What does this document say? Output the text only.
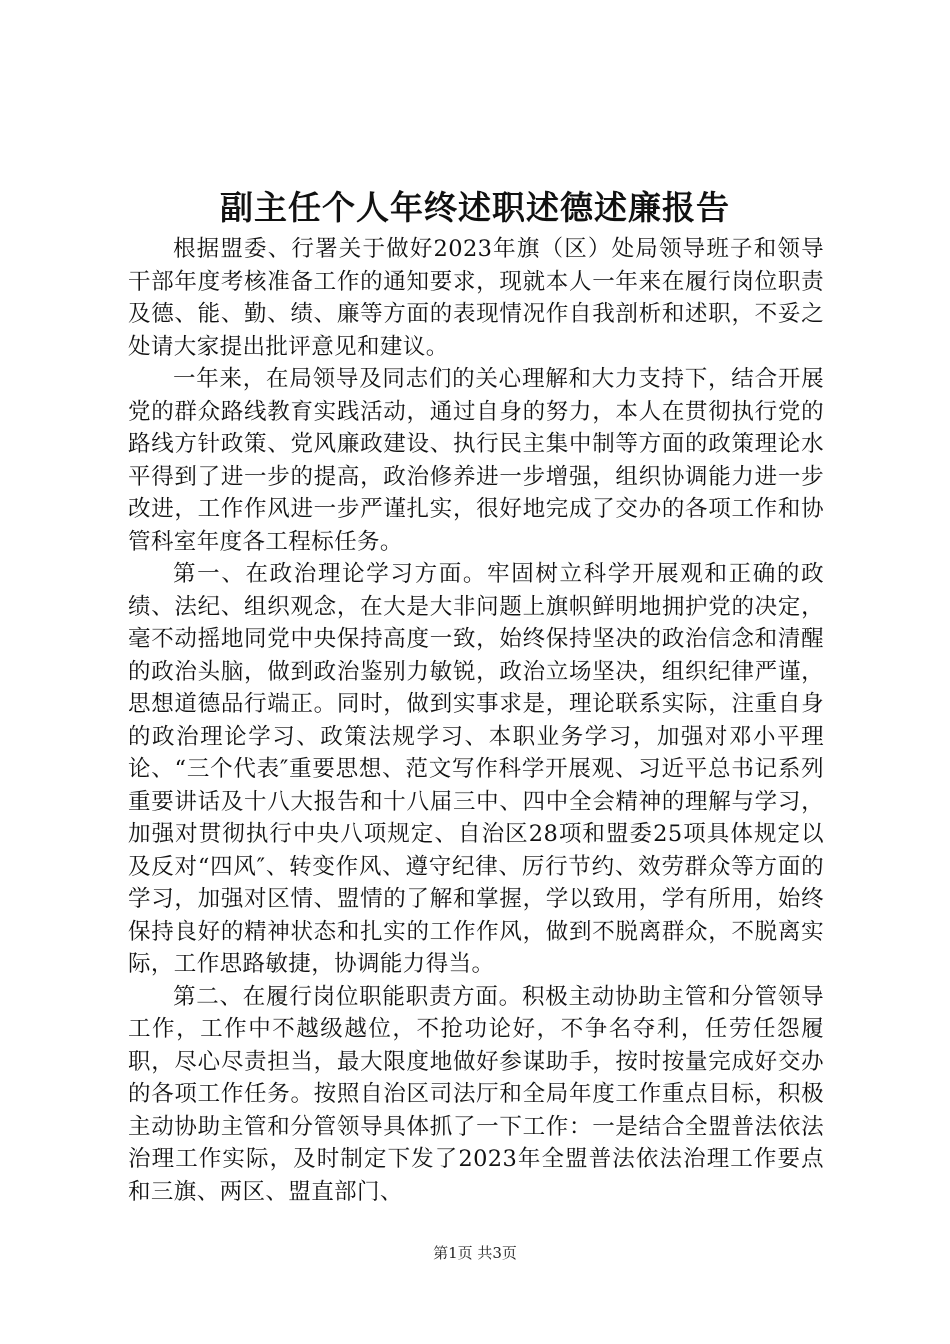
副主任个人年终述职述德述廉报告

根据盟委、行署关于做好2023年旗（区）处局领导班子和领导干部年度考核准备工作的通知要求，现就本人一年来在履行岗位职责及德、能、勤、绩、廉等方面的表现情况作自我剖析和述职，不妥之处请大家提出批评意见和建议。

一年来，在局领导及同志们的关心理解和大力支持下，结合开展党的群众路线教育实践活动，通过自身的努力，本人在贯彻执行党的路线方针政策、党风廉政建设、执行民主集中制等方面的政策理论水平得到了进一步的提高，政治修养进一步增强，组织协调能力进一步改进，工作作风进一步严谨扎实，很好地完成了交办的各项工作和协管科室年度各工程标任务。

第一、在政治理论学习方面。牢固树立科学开展观和正确的政绩、法纪、组织观念，在大是大非问题上旗帜鲜明地拥护党的决定，毫不动摇地同党中央保持高度一致，始终保持坚决的政治信念和清醒的政治头脑，做到政治鉴别力敏锐，政治立场坚决，组织纪律严谨，思想道德品行端正。同时，做到实事求是，理论联系实际，注重自身的政治理论学习、政策法规学习、本职业务学习，加强对邓小平理论、“三个代表″重要思想、范文写作科学开展观、习近平总书记系列重要讲话及十八大报告和十八届三中、四中全会精神的理解与学习，加强对贯彻执行中央八项规定、自治区28项和盟委25项具体规定以及反对“四风″、转变作风、遵守纪律、厉行节约、效劳群众等方面的学习，加强对区情、盟情的了解和掌握，学以致用，学有所用，始终保持良好的精神状态和扎实的工作作风，做到不脱离群众，不脱离实际，工作思路敏捷，协调能力得当。

第二、在履行岗位职能职责方面。积极主动协助主管和分管领导工作，工作中不越级越位，不抢功论好，不争名夺利，任劳任怨履职，尽心尽责担当，最大限度地做好参谋助手，按时按量完成好交办的各项工作任务。按照自治区司法厅和全局年度工作重点目标，积极主动协助主管和分管领导具体抓了一下工作：一是结合全盟普法依法治理工作实际，及时制定下发了2023年全盟普法依法治理工作要点和三旗、两区、盟直部门、

第1页 共3页
